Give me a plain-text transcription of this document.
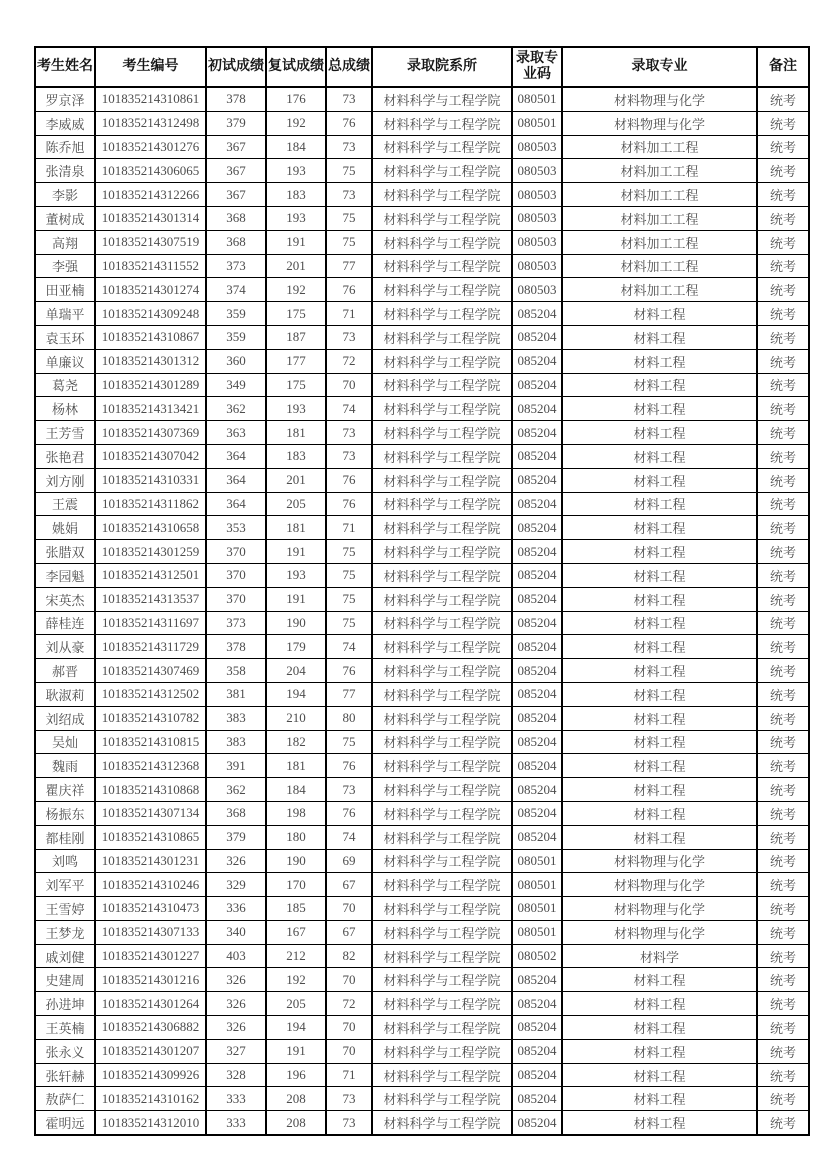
考生姓名	考生编号	初试成绩	复试成绩	总成绩	录取院系所	录取专业码	录取专业	备注
罗京泽	101835214310861	378	176	73	材料科学与工程学院	080501	材料物理与化学	统考
李威威	101835214312498	379	192	76	材料科学与工程学院	080501	材料物理与化学	统考
陈乔旭	101835214301276	367	184	73	材料科学与工程学院	080503	材料加工工程	统考
张清泉	101835214306065	367	193	75	材料科学与工程学院	080503	材料加工工程	统考
李影	101835214312266	367	183	73	材料科学与工程学院	080503	材料加工工程	统考
董树成	101835214301314	368	193	75	材料科学与工程学院	080503	材料加工工程	统考
高翔	101835214307519	368	191	75	材料科学与工程学院	080503	材料加工工程	统考
李强	101835214311552	373	201	77	材料科学与工程学院	080503	材料加工工程	统考
田亚楠	101835214301274	374	192	76	材料科学与工程学院	080503	材料加工工程	统考
单瑞平	101835214309248	359	175	71	材料科学与工程学院	085204	材料工程	统考
袁玉环	101835214310867	359	187	73	材料科学与工程学院	085204	材料工程	统考
单廉议	101835214301312	360	177	72	材料科学与工程学院	085204	材料工程	统考
葛尧	101835214301289	349	175	70	材料科学与工程学院	085204	材料工程	统考
杨林	101835214313421	362	193	74	材料科学与工程学院	085204	材料工程	统考
王芳雪	101835214307369	363	181	73	材料科学与工程学院	085204	材料工程	统考
张艳君	101835214307042	364	183	73	材料科学与工程学院	085204	材料工程	统考
刘方刚	101835214310331	364	201	76	材料科学与工程学院	085204	材料工程	统考
王震	101835214311862	364	205	76	材料科学与工程学院	085204	材料工程	统考
姚娟	101835214310658	353	181	71	材料科学与工程学院	085204	材料工程	统考
张腊双	101835214301259	370	191	75	材料科学与工程学院	085204	材料工程	统考
李园魁	101835214312501	370	193	75	材料科学与工程学院	085204	材料工程	统考
宋英杰	101835214313537	370	191	75	材料科学与工程学院	085204	材料工程	统考
薛桂连	101835214311697	373	190	75	材料科学与工程学院	085204	材料工程	统考
刘从豪	101835214311729	378	179	74	材料科学与工程学院	085204	材料工程	统考
郝晋	101835214307469	358	204	76	材料科学与工程学院	085204	材料工程	统考
耿淑莉	101835214312502	381	194	77	材料科学与工程学院	085204	材料工程	统考
刘绍成	101835214310782	383	210	80	材料科学与工程学院	085204	材料工程	统考
吴灿	101835214310815	383	182	75	材料科学与工程学院	085204	材料工程	统考
魏雨	101835214312368	391	181	76	材料科学与工程学院	085204	材料工程	统考
瞿庆祥	101835214310868	362	184	73	材料科学与工程学院	085204	材料工程	统考
杨振东	101835214307134	368	198	76	材料科学与工程学院	085204	材料工程	统考
都桂刚	101835214310865	379	180	74	材料科学与工程学院	085204	材料工程	统考
刘鸣	101835214301231	326	190	69	材料科学与工程学院	080501	材料物理与化学	统考
刘军平	101835214310246	329	170	67	材料科学与工程学院	080501	材料物理与化学	统考
王雪婷	101835214310473	336	185	70	材料科学与工程学院	080501	材料物理与化学	统考
王梦龙	101835214307133	340	167	67	材料科学与工程学院	080501	材料物理与化学	统考
戚刘健	101835214301227	403	212	82	材料科学与工程学院	080502	材料学	统考
史建周	101835214301216	326	192	70	材料科学与工程学院	085204	材料工程	统考
孙进坤	101835214301264	326	205	72	材料科学与工程学院	085204	材料工程	统考
王英楠	101835214306882	326	194	70	材料科学与工程学院	085204	材料工程	统考
张永义	101835214301207	327	191	70	材料科学与工程学院	085204	材料工程	统考
张轩赫	101835214309926	328	196	71	材料科学与工程学院	085204	材料工程	统考
敖萨仁	101835214310162	333	208	73	材料科学与工程学院	085204	材料工程	统考
霍明远	101835214312010	333	208	73	材料科学与工程学院	085204	材料工程	统考
